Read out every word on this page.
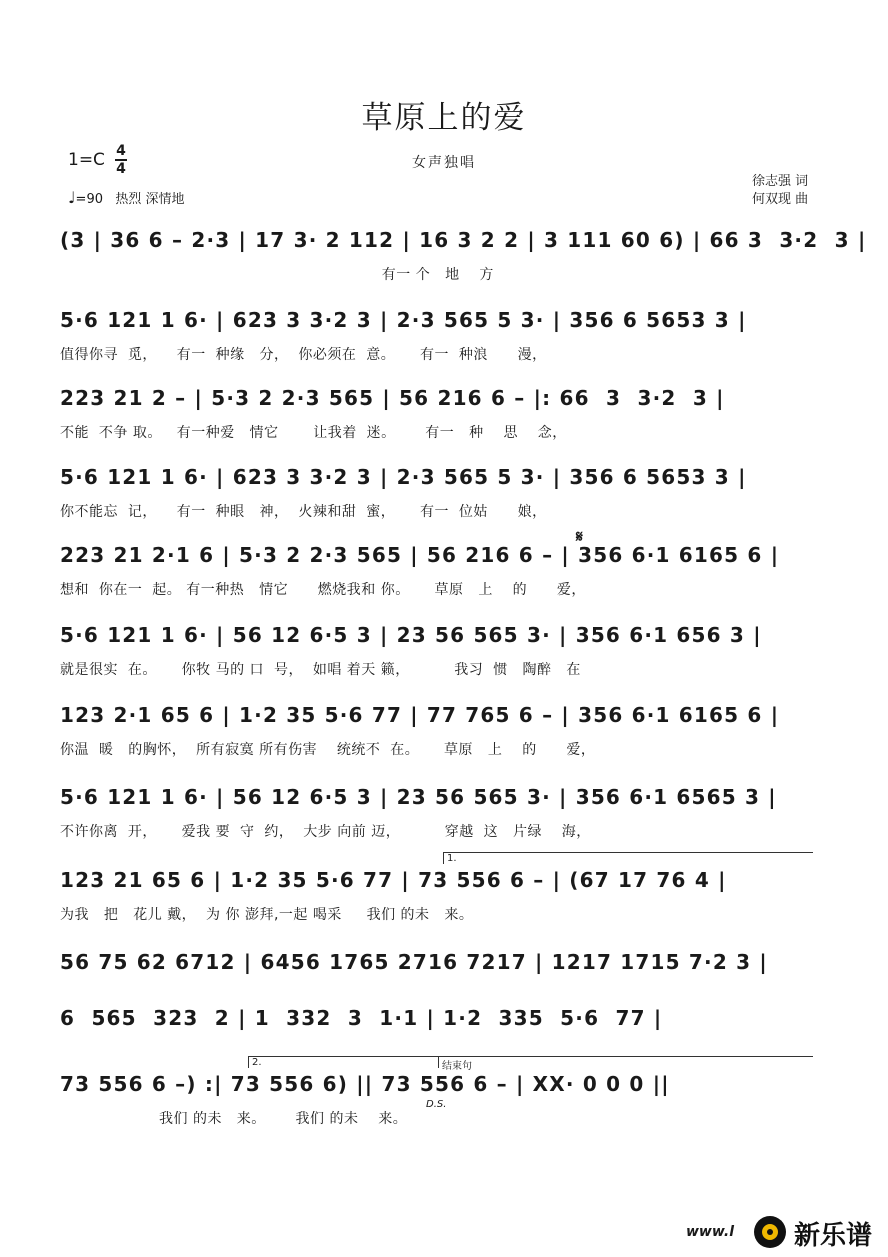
草原上的爱
女声独唱
1=C 4
4
♩=90 热烈 深情地
徐志强 词
何双现 曲
(3 | 36 6 – 2·3 | 17 3· 2 112 | 16 3 2 2 | 3 111 60 6) | 66 3  3·2  3 |
有一 个   地    方
5·6 121 1 6· | 623 3 3·2 3 | 2·3 565 5 3· | 356 6 5653 3 |
值得你寻  觅，    有一  种缘   分，  你必须在  意。     有一  种浪      漫，
223 21 2 – | 5·3 2 2·3 565 | 56 216 6 – |: 66  3  3·2  3 |
不能  不争 取。   有一种爱   情它       让我着  迷。      有一   种    思    念，
5·6 121 1 6· | 623 3 3·2 3 | 2·3 565 5 3· | 356 6 5653 3 |
你不能忘  记，    有一  种眼   神，  火辣和甜  蜜，     有一  位姑      娘，
223 21 2·1 6 | 5·3 2 2·3 565 | 56 216 6 – | 356 6·1 6165 6 |
想和  你在一  起。 有一种热   情它      燃烧我和 你。     草原   上    的      爱，
𝄋
5·6 121 1 6· | 56 12 6·5 3 | 23 56 565 3· | 356 6·1 656 3 |
就是很实  在。     你牧 马的 口  号，  如唱 着天 籁，         我习  惯   陶醉   在
123 2·1 65 6 | 1·2 35 5·6 77 | 77 765 6 – | 356 6·1 6165 6 |
你温  暖   的胸怀，  所有寂寞 所有伤害    统统不  在。     草原   上    的      爱，
5·6 121 1 6· | 56 12 6·5 3 | 23 56 565 3· | 356 6·1 6565 3 |
不许你离  开，     爱我 要  守  约，  大步 向前 迈，         穿越  这   片绿    海，
1.
123 21 65 6 | 1·2 35 5·6 77 | 73 556 6 – | (67 17 76 4 |
为我   把   花儿 戴，  为 你 澎拜,一起 喝采     我们 的未   来。
56 75 62 6712 | 6456 1765 2716 7217 | 1217 1715 7·2 3 |
6  565  323  2 | 1  332  3  1·1 | 1·2  335  5·6  77 |
2.	结束句
73 556 6 –) :| 73 556 6) || 73 556 6 – | XX· 0 0 0 ||
我们 的未   来。      我们 的未    来。
D.S.
www.l 新乐谱
